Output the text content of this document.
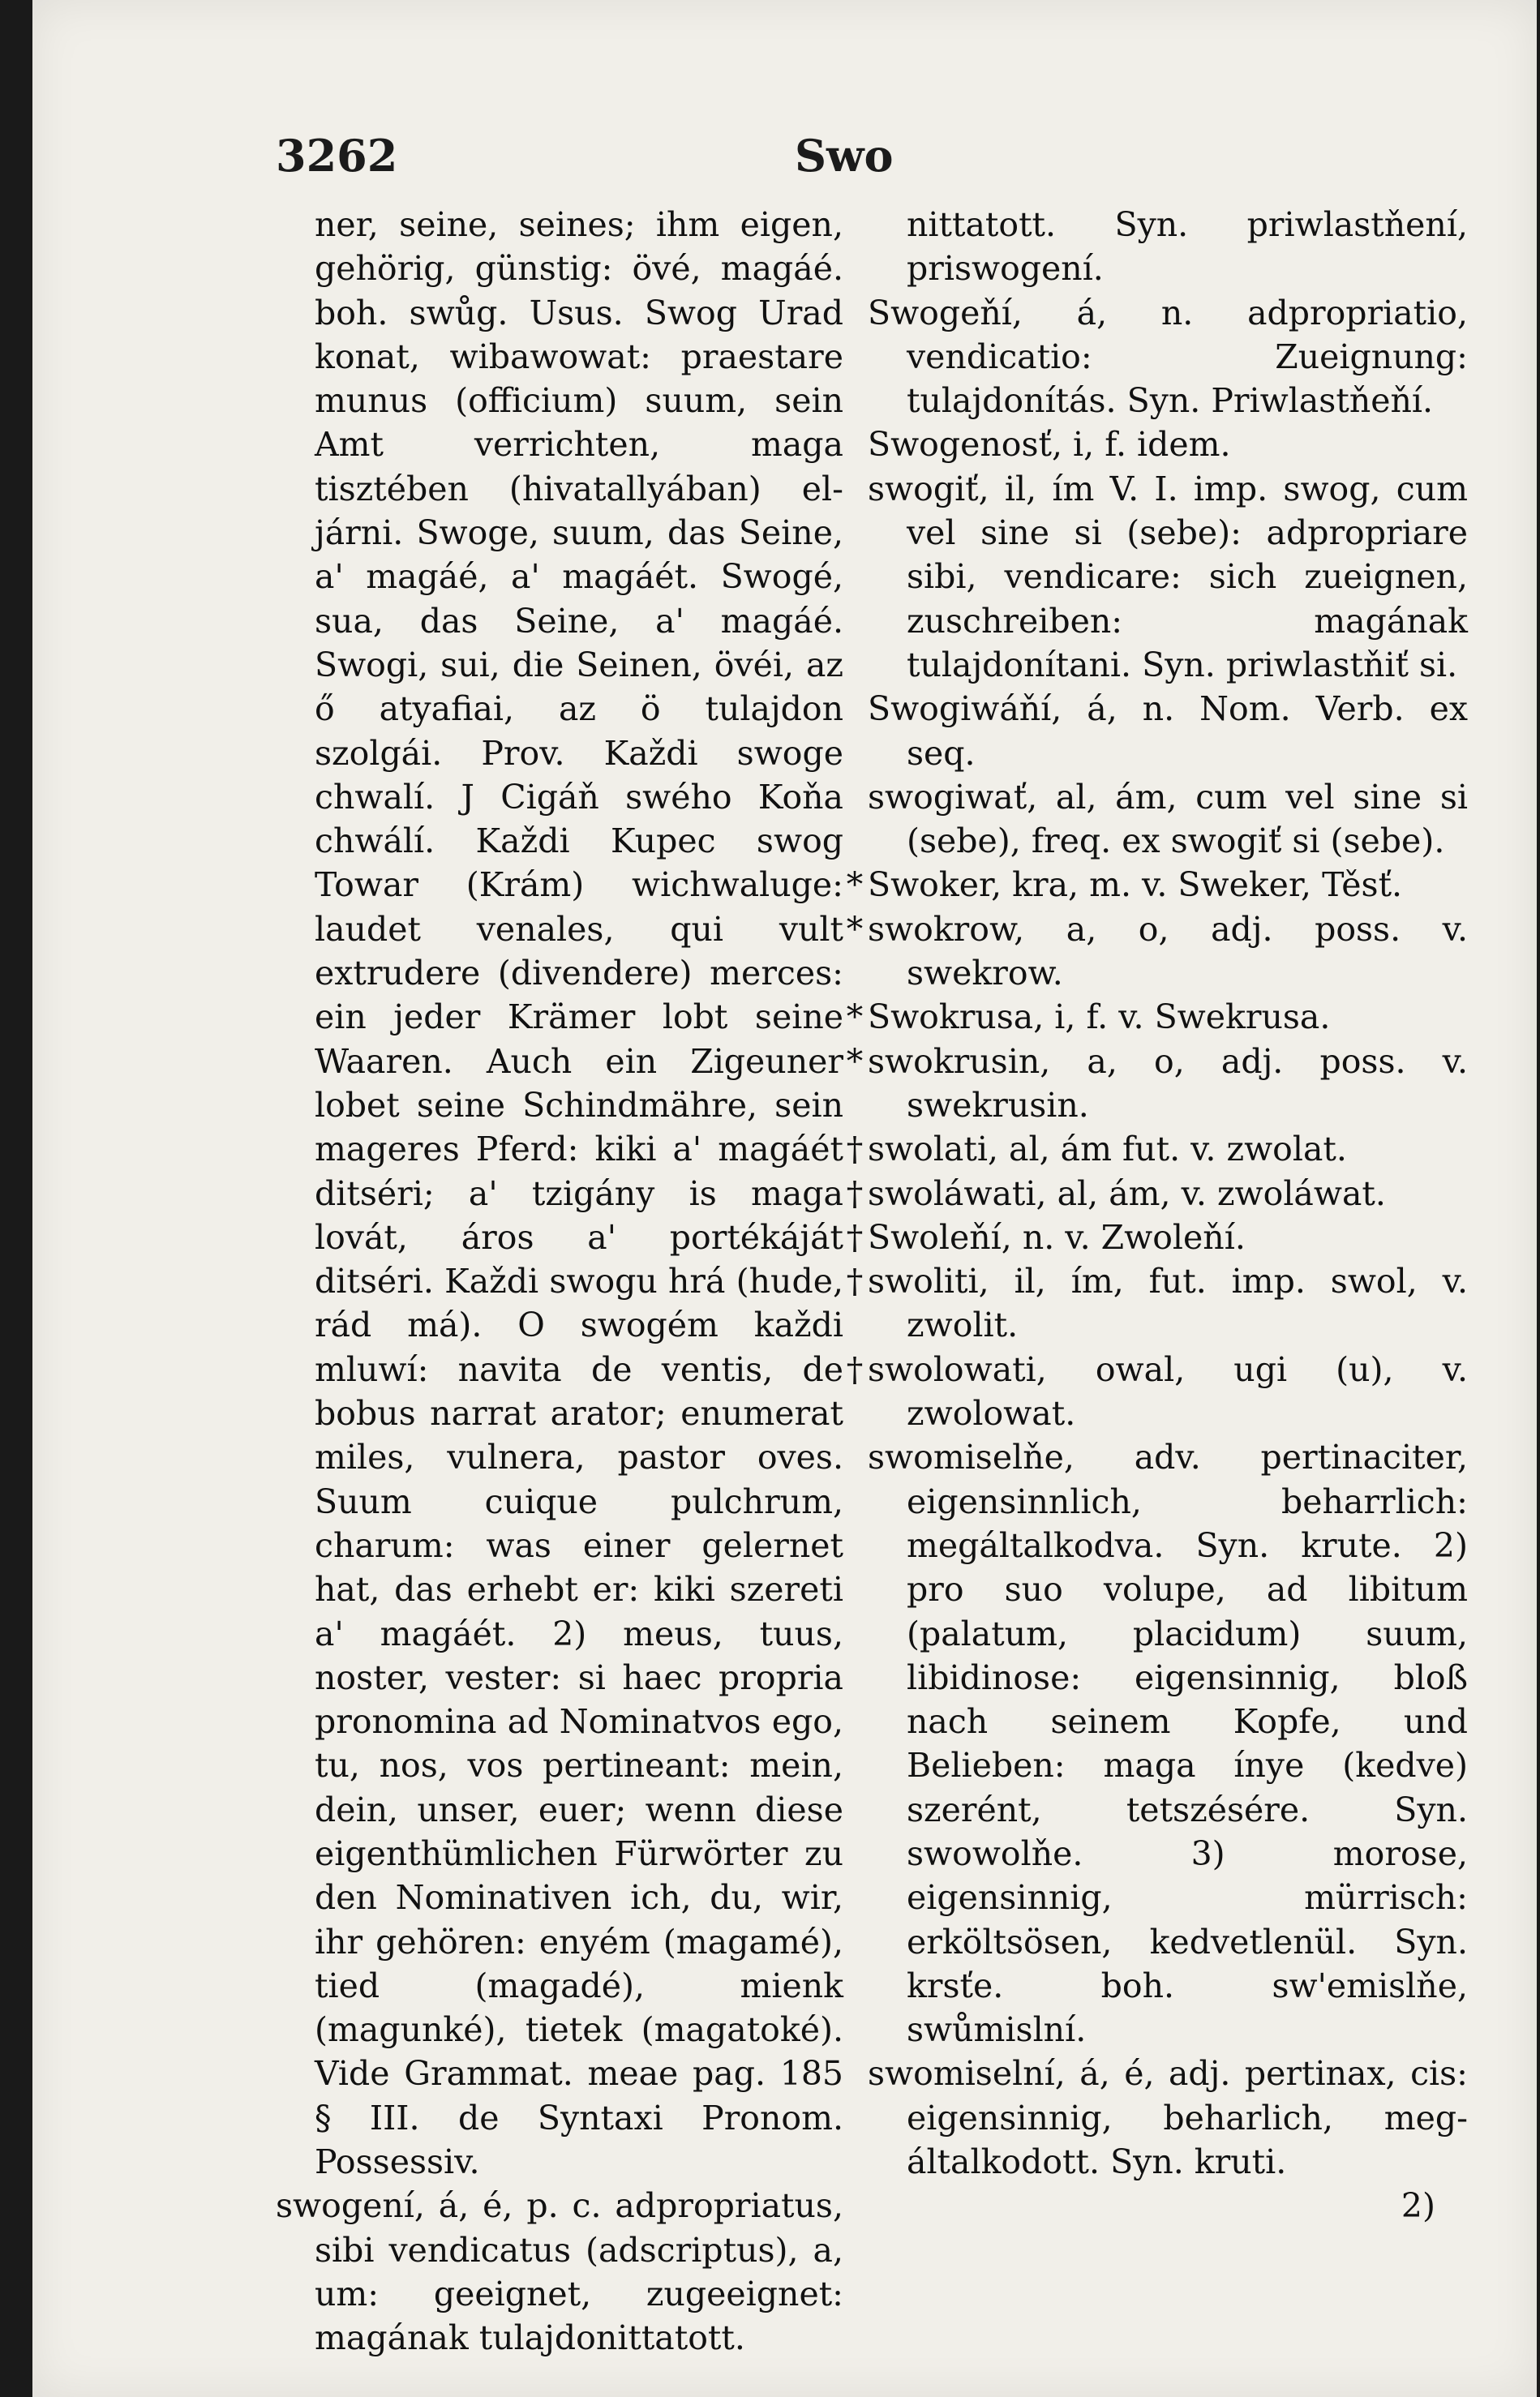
3262	Swo

ner, seine, seines; ihm eigen, gehörig, günstig: övé, magáé. boh. swůg. Usus. Swog Urad konat, wibawowat: praestare munus (officium) suum, sein Amt verrichten, maga tisztében (hivatallyában) el-járni. Swoge, suum, das Seine, a' magáé, a' magáét. Swogé, sua, das Seine, a' magáé. Swogi, sui, die Seinen, övéi, az ő atyafiai, az ö tulajdon szolgái. Prov. Každi swoge chwalí. J Cigáň swého Koňa chwálí. Každi Kupec swog Towar (Krám) wichwaluge: laudet venales, qui vult extrudere (divendere) merces: ein jeder Krämer lobt seine Waaren. Auch ein Zigeuner lobet seine Schindmähre, sein mageres Pferd: kiki a' magáét ditséri; a' tzigány is maga lovát, áros a' portékáját ditséri. Každi swogu hrá (hude, rád má). O swogém každi mluwí: navita de ventis, de bobus narrat arator; enumerat miles, vulnera, pastor oves. Suum cuique pulchrum, charum: was einer gelernet hat, das erhebt er: kiki szereti a' magáét. 2) meus, tuus, noster, vester: si haec propria pronomina ad Nominatvos ego, tu, nos, vos pertineant: mein, dein, unser, euer; wenn diese eigenthümlichen Fürwörter zu den Nominativen ich, du, wir, ihr gehören: enyém (magamé), tied (magadé), mienk (magunké), tietek (magatoké). Vide Grammat. meae pag. 185 § III. de Syntaxi Pronom. Possessiv.

swogení, á, é, p. c. adpropriatus, sibi vendicatus (adscriptus), a, um: geeignet, zugeeignet: magának tulajdonittatott.

nittatott. Syn. priwlastňení, priswogení.

Swogeňí, á, n. adpropriatio, vendicatio: Zueignung: tulajdonítás. Syn. Priwlastňeňí.

Swogenosť, i, f. idem.

swogiť, il, ím V. I. imp. swog, cum vel sine si (sebe): adpropriare sibi, vendicare: sich zueignen, zuschreiben: magának tulajdonítani. Syn. priwlastňiť si.

Swogiwáňí, á, n. Nom. Verb. ex seq.

swogiwať, al, ám, cum vel sine si (sebe), freq. ex swogiť si (sebe).

* Swoker, kra, m. v. Sweker, Těsť.

* swokrow, a, o, adj. poss. v. swekrow.

* Swokrusa, i, f. v. Swekrusa.

* swokrusin, a, o, adj. poss. v. swekrusin.

† swolati, al, ám fut. v. zwolat.

† swoláwati, al, ám, v. zwoláwat.

† Swoleňí, n. v. Zwoleňí.

† swoliti, il, ím, fut. imp. swol, v. zwolit.

† swolowati, owal, ugi (u), v. zwolowat.

swomiselňe, adv. pertinaciter, eigensinnlich, beharrlich: megáltalkodva. Syn. krute. 2) pro suo volupe, ad libitum (palatum, placidum) suum, libidinose: eigensinnig, bloß nach seinem Kopfe, und Belieben: maga ínye (kedve) szerént, tetszésére. Syn. swowolňe. 3) morose, eigensinnig, mürrisch: erköltsösen, kedvetlenül. Syn. krsťe. boh. sw'emislňe, swůmislní.

swomiselní, á, é, adj. pertinax, cis: eigensinnig, beharlich, meg-általkodott. Syn. kruti.

2)
